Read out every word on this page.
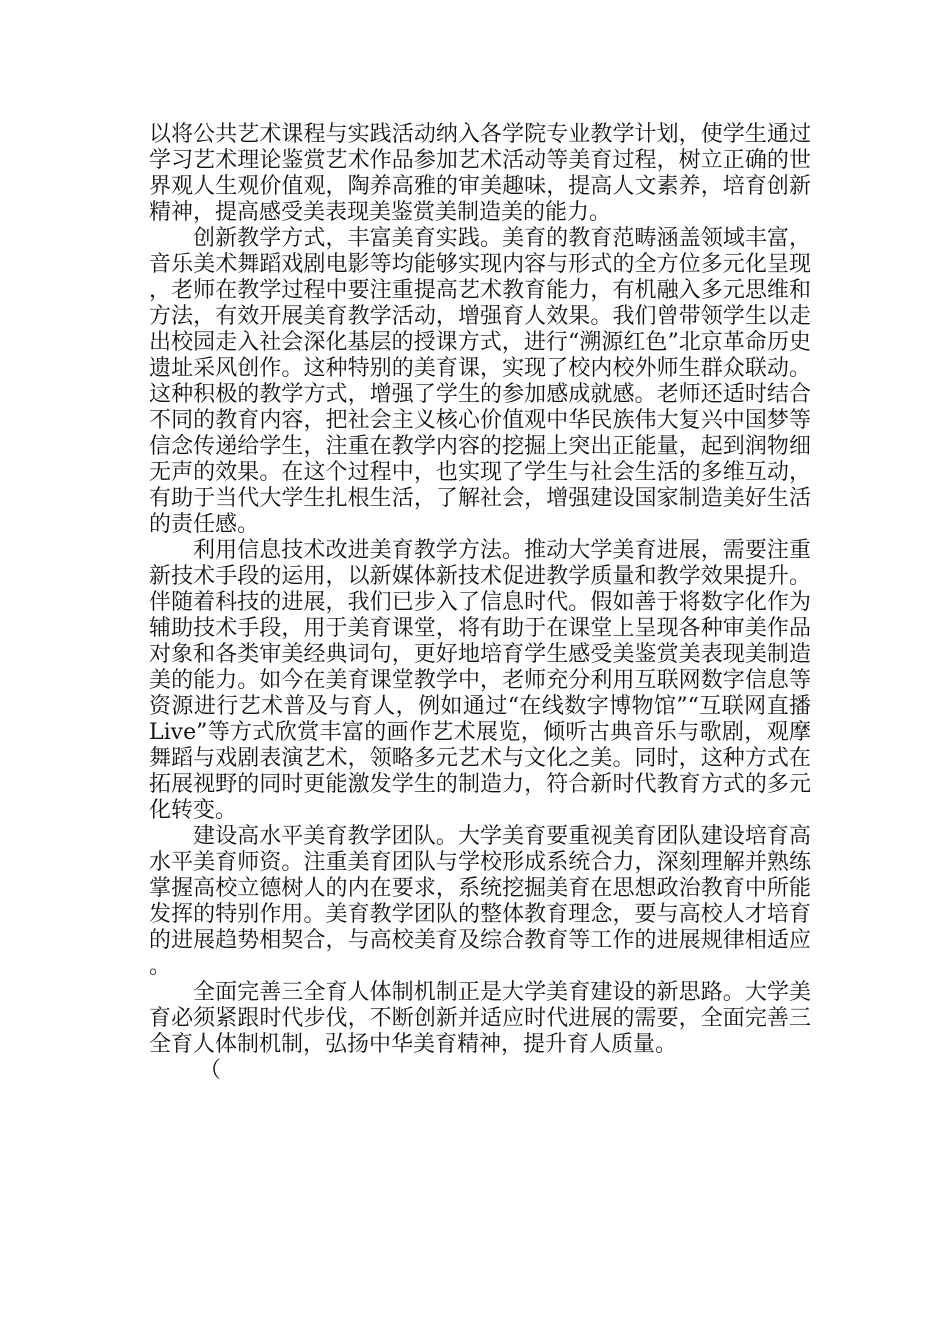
以将公共艺术课程与实践活动纳入各学院专业教学计划，使学生通过学习艺术理论鉴赏艺术作品参加艺术活动等美育过程，树立正确的世界观人生观价值观，陶养高雅的审美趣味，提高人文素养，培育创新精神，提高感受美表现美鉴赏美制造美的能力。

创新教学方式，丰富美育实践。美育的教育范畴涵盖领域丰富，音乐美术舞蹈戏剧电影等均能够实现内容与形式的全方位多元化呈现，老师在教学过程中要注重提高艺术教育能力，有机融入多元思维和方法，有效开展美育教学活动，增强育人效果。我们曾带领学生以走出校园走入社会深化基层的授课方式，进行“溯源红色”北京革命历史遗址采风创作。这种特别的美育课，实现了校内校外师生群众联动。这种积极的教学方式，增强了学生的参加感成就感。老师还适时结合不同的教育内容，把社会主义核心价值观中华民族伟大复兴中国梦等信念传递给学生，注重在教学内容的挖掘上突出正能量，起到润物细无声的效果。在这个过程中，也实现了学生与社会生活的多维互动，有助于当代大学生扎根生活，了解社会，增强建设国家制造美好生活的责任感。

利用信息技术改进美育教学方法。推动大学美育进展，需要注重新技术手段的运用，以新媒体新技术促进教学质量和教学效果提升。伴随着科技的进展，我们已步入了信息时代。假如善于将数字化作为辅助技术手段，用于美育课堂，将有助于在课堂上呈现各种审美作品对象和各类审美经典词句，更好地培育学生感受美鉴赏美表现美制造美的能力。如今在美育课堂教学中，老师充分利用互联网数字信息等资源进行艺术普及与育人，例如通过“在线数字博物馆”“互联网直播Live”等方式欣赏丰富的画作艺术展览，倾听古典音乐与歌剧，观摩舞蹈与戏剧表演艺术，领略多元艺术与文化之美。同时，这种方式在拓展视野的同时更能激发学生的制造力，符合新时代教育方式的多元化转变。

建设高水平美育教学团队。大学美育要重视美育团队建设培育高水平美育师资。注重美育团队与学校形成系统合力，深刻理解并熟练掌握高校立德树人的内在要求，系统挖掘美育在思想政治教育中所能发挥的特别作用。美育教学团队的整体教育理念，要与高校人才培育的进展趋势相契合，与高校美育及综合教育等工作的进展规律相适应。

全面完善三全育人体制机制正是大学美育建设的新思路。大学美育必须紧跟时代步伐，不断创新并适应时代进展的需要，全面完善三全育人体制机制，弘扬中华美育精神，提升育人质量。

（
